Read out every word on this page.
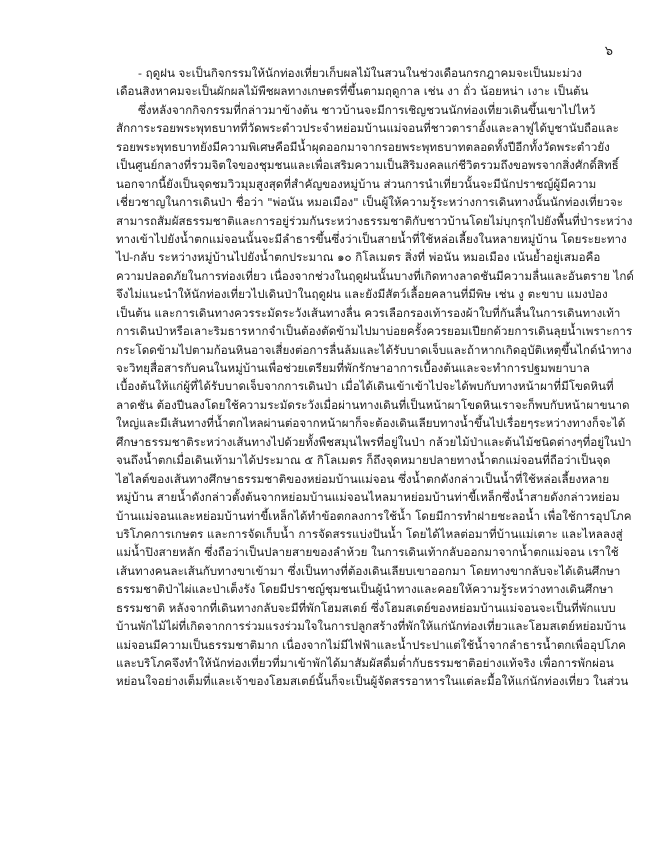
๖
- ฤดูฝน จะเป็นกิจกรรมให้นักท่องเที่ยวเก็บผลไม้ในสวนในช่วงเดือนกรกฎาคมจะเป็นมะม่วง
เดือนสิงหาคมจะเป็นผักผลไม้พืชผลทางเกษตรที่ขึ้นตามฤดูกาล เช่น งา ถั่ว น้อยหน่า เงาะ เป็นต้น
ซึ่งหลังจากกิจกรรมที่กล่าวมาข้างต้น ชาวบ้านจะมีการเชิญชวนนักท่องเที่ยวเดินขึ้นเขาไปไหว้
สักการะรอยพระพุทธบาทที่วัดพระตำวประจำหย่อมบ้านแม่จอนที่ชาวตาราอั้งและลาฟูได้บูชานับถือและ
รอยพระพุทธบาทยังมีความพิเศษคือมีน้ำผุดออกมาจากรอยพระพุทธบาทตลอดทั้งปีอีกทั้งวัดพระตำวยัง
เป็นศูนย์กลางที่รวมจิตใจของชุมชนและเพื่อเสริมความเป็นสิริมงคลแก่ชีวิตรวมถึงขอพรจากสิ่งศักดิ์สิทธิ์
นอกจากนี้ยังเป็นจุดชมวิวมุมสูงสุดที่สำคัญของหมู่บ้าน ส่วนการนำเที่ยวนั้นจะมีนักปราชญ์ผู้มีความ
เชี่ยวชาญในการเดินป่า ชื่อว่า "พ่อนัน หมอเมือง" เป็นผู้ให้ความรู้ระหว่างการเดินทางนั้นนักท่องเที่ยวจะ
สามารถสัมผัสธรรมชาติและการอยู่ร่วมกันระหว่างธรรมชาติกับชาวบ้านโดยไม่บุกรุกไปยังพื้นที่ป่าระหว่าง
ทางเข้าไปยังน้ำตกแม่จอนนั้นจะมีลำธารขึ้นซึ่งว่าเป็นสายน้ำที่ใช้หล่อเลี้ยงในหลายหมู่บ้าน โดยระยะทาง
ไป-กลับ ระหว่างหมู่บ้านไปยังน้ำตกประมาณ ๑๐ กิโลเมตร สิ่งที่ พ่อนัน หมอเมือง เน้นย้ำอยู่เสมอคือ
ความปลอดภัยในการท่องเที่ยว เนื่องจากช่วงในฤดูฝนนั้นบางที่เกิดทางลาดชันมีความลื่นและอันตราย ไกด์
จึงไม่แนะนำให้นักท่องเที่ยวไปเดินป่าในฤดูฝน และยังมีสัตว์เลื้อยคลานที่มีพิษ เช่น งู ตะขาบ แมงป่อง
เป็นต้น และการเดินทางควรระมัดระวังเส้นทางลื่น ควรเลือกรองเท้ารองผ้าใบที่กันลื่นในการเดินทางเท้า
การเดินป่าหรือเลาะริมธารหากจำเป็นต้องตัดข้ามไปมาบ่อยครั้งควรยอมเปียกด้วยการเดินลุยน้ำเพราะการ
กระโดดข้ามไปตามก้อนหินอาจเสี่ยงต่อการลื่นล้มและได้รับบาดเจ็บและถ้าหากเกิดอุบัติเหตุขึ้นไกด์นำทาง
จะวิทยุสื่อสารกับคนในหมู่บ้านเพื่อช่วยเตรียมที่พักรักษาอาการเบื้องต้นและจะทำการปฐมพยาบาล
เบื้องต้นให้แก่ผู้ที่ได้รับบาดเจ็บจากการเดินป่า เมื่อได้เดินเข้าเข้าไปจะได้พบกับทางหน้าผาที่มีโขดหินที่
ลาดชัน ต้องปีนลงโดยใช้ความระมัดระวังเมื่อผ่านทางเดินที่เป็นหน้าผาโขดหินเราจะก็พบกับหน้าผาขนาด
ใหญ่และมีเส้นทางที่น้ำตกไหลผ่านต่อจากหน้าผาก็จะต้องเดินเลียบทางน้ำขึ้นไปเรื่อยๆระหว่างทางก็จะได้
ศึกษาธรรมชาติระหว่างเส้นทางไปด้วยทั้งพืชสมุนไพรที่อยู่ในป่า กล้วยไม้ป่าและต้นไม้ชนิดต่างๆที่อยู่ในป่า
จนถึงน้ำตกเมื่อเดินเท้ามาได้ประมาณ ๕ กิโลเมตร ก็ถึงจุดหมายปลายทางน้ำตกแม่จอนที่ถือว่าเป็นจุด
ไฮไลต์ของเส้นทางศึกษาธรรมชาติของหย่อมบ้านแม่จอน ซึ่งน้ำตกดังกล่าวเป็นน้ำที่ใช้หล่อเลี้ยงหลาย
หมู่บ้าน สายน้ำดังกล่าวตั้งต้นจากหย่อมบ้านแม่จอนไหลมาหย่อมบ้านท่าขี้เหล็กซึ่งน้ำสายดังกล่าวหย่อม
บ้านแม่จอนและหย่อมบ้านท่าขี้เหล็กได้ทำข้อตกลงการใช้น้ำ โดยมีการทำฝายชะลอน้ำ เพื่อใช้การอุปโภค
บริโภคการเกษตร และการจัดเก็บน้ำ การจัดสรรแบ่งปันน้ำ โดยได้ไหลต่อมาที่บ้านแม่เตาะ และไหลลงสู่
แม่น้ำปิงสายหลัก ซึ่งถือว่าเป็นปลายสายของลำห้วย ในการเดินเท้ากลับออกมาจากน้ำตกแม่จอน เราใช้
เส้นทางคนละเส้นกับทางขาเข้ามา ซึ่งเป็นทางที่ต้องเดินเลียบเขาออกมา โดยทางขากลับจะได้เดินศึกษา
ธรรมชาติป่าไผ่และป่าเต็งรัง โดยมีปราชญ์ชุมชนเป็นผู้นำทางและคอยให้ความรู้ระหว่างทางเดินศึกษา
ธรรมชาติ หลังจากที่เดินทางกลับจะมีที่พักโฮมสเตย์ ซึ่งโฮมสเตย์ของหย่อมบ้านแม่จอนจะเป็นที่พักแบบ
บ้านพักไม้ไผ่ที่เกิดจากการร่วมแรงร่วมใจในการปลูกสร้างที่พักให้แก่นักท่องเที่ยวและโฮมสเตย์หย่อมบ้าน
แม่จอนมีความเป็นธรรมชาติมาก เนื่องจากไม่มีไฟฟ้าและน้ำประปาแต่ใช้น้ำจากลำธารน้ำตกเพื่ออุปโภค
และบริโภคจึงทำให้นักท่องเที่ยวที่มาเข้าพักได้มาสัมผัสดื่มด่ำกับธรรมชาติอย่างแท้จริง เพื่อการพักผ่อน
หย่อนใจอย่างเต็มที่และเจ้าของโฮมสเตย์นั้นก็จะเป็นผู้จัดสรรอาหารในแต่ละมื้อให้แก่นักท่องเที่ยว ในส่วน
